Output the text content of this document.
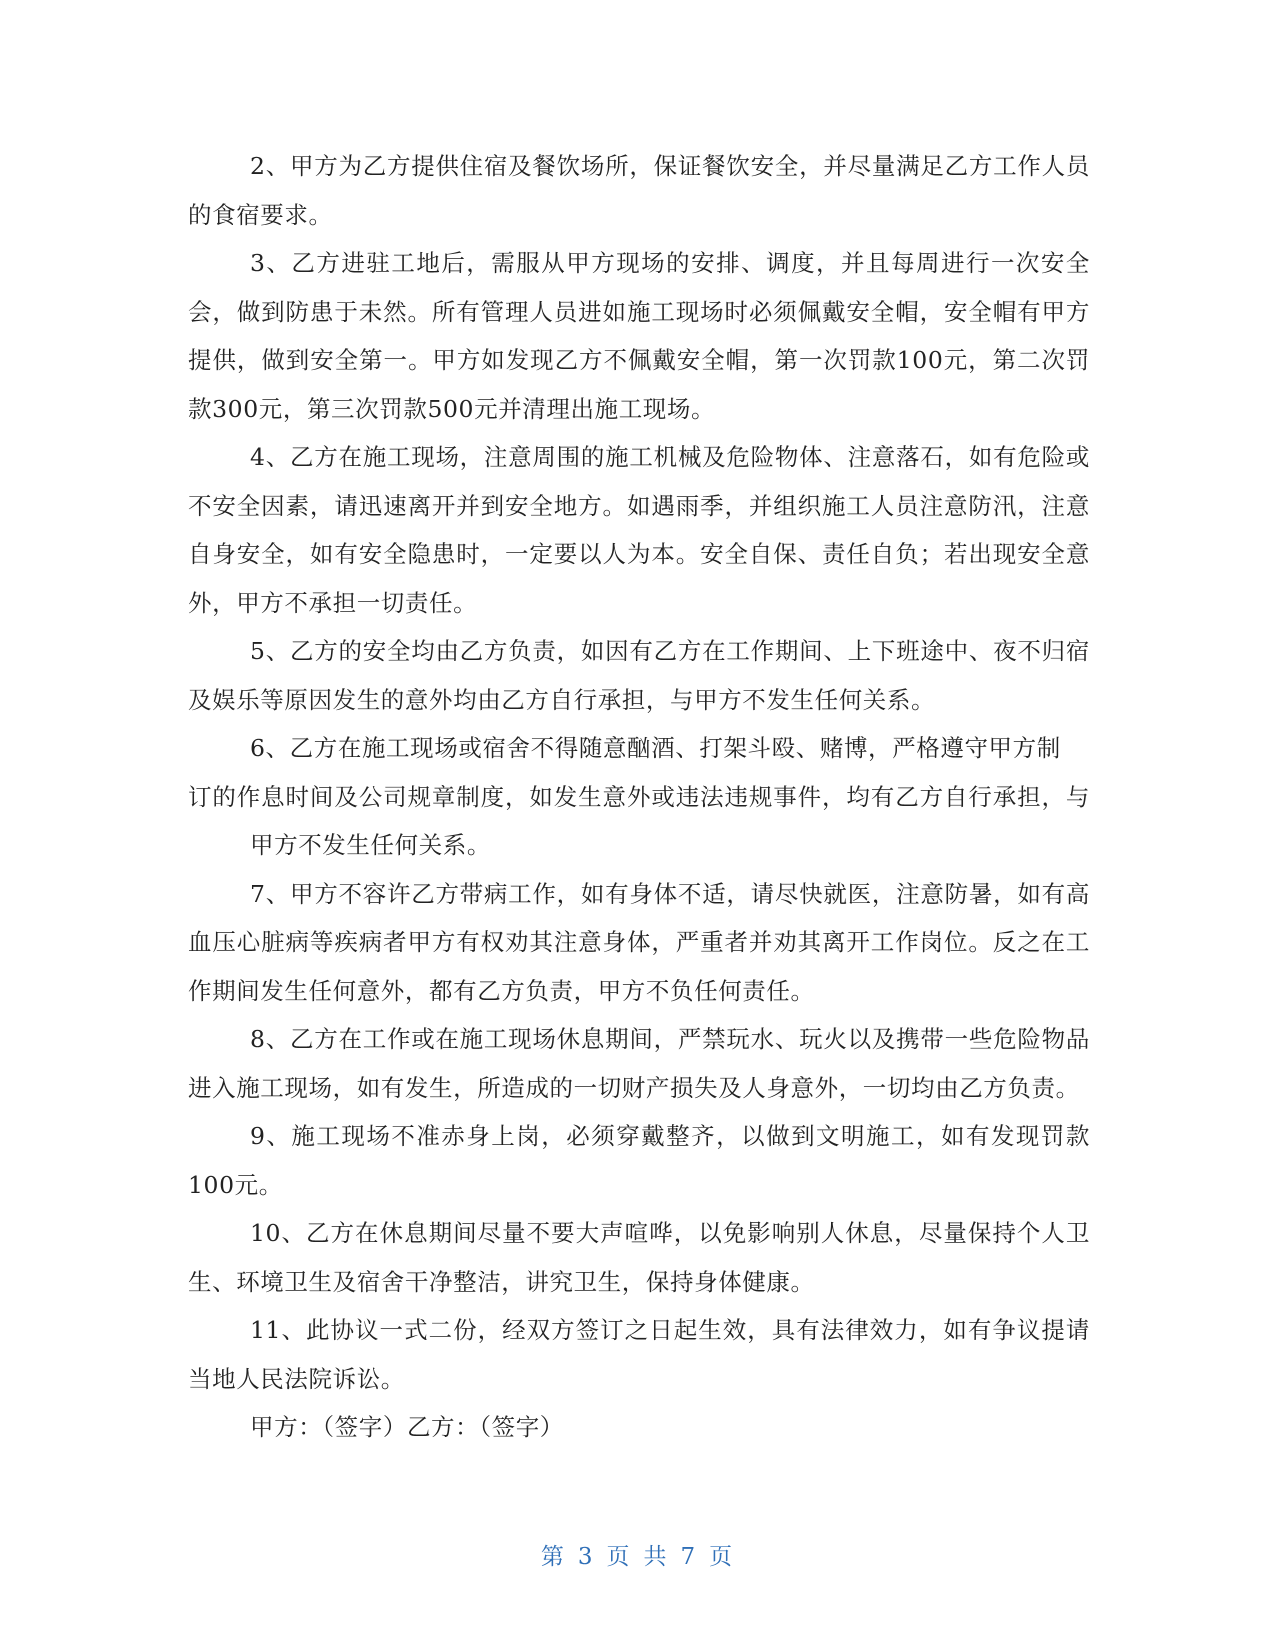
2、甲方为乙方提供住宿及餐饮场所，保证餐饮安全，并尽量满足乙方工作人员的食宿要求。

3、乙方进驻工地后，需服从甲方现场的安排、调度，并且每周进行一次安全会，做到防患于未然。所有管理人员进如施工现场时必须佩戴安全帽，安全帽有甲方提供，做到安全第一。甲方如发现乙方不佩戴安全帽，第一次罚款100元，第二次罚款300元，第三次罚款500元并清理出施工现场。

4、乙方在施工现场，注意周围的施工机械及危险物体、注意落石，如有危险或不安全因素，请迅速离开并到安全地方。如遇雨季，并组织施工人员注意防汛，注意自身安全，如有安全隐患时，一定要以人为本。安全自保、责任自负；若出现安全意外，甲方不承担一切责任。

5、乙方的安全均由乙方负责，如因有乙方在工作期间、上下班途中、夜不归宿及娱乐等原因发生的意外均由乙方自行承担，与甲方不发生任何关系。

6、乙方在施工现场或宿舍不得随意酗酒、打架斗殴、赌博，严格遵守甲方制

订的作息时间及公司规章制度，如发生意外或违法违规事件，均有乙方自行承担，与甲方不发生任何关系。

7、甲方不容许乙方带病工作，如有身体不适，请尽快就医，注意防暑，如有高血压心脏病等疾病者甲方有权劝其注意身体，严重者并劝其离开工作岗位。反之在工作期间发生任何意外，都有乙方负责，甲方不负任何责任。

8、乙方在工作或在施工现场休息期间，严禁玩水、玩火以及携带一些危险物品进入施工现场，如有发生，所造成的一切财产损失及人身意外，一切均由乙方负责。

9、施工现场不准赤身上岗，必须穿戴整齐，以做到文明施工，如有发现罚款100元。

10、乙方在休息期间尽量不要大声喧哗，以免影响别人休息，尽量保持个人卫生、环境卫生及宿舍干净整洁，讲究卫生，保持身体健康。

11、此协议一式二份，经双方签订之日起生效，具有法律效力，如有争议提请当地人民法院诉讼。

甲方：（签字）乙方：（签字）

第 3 页 共 7 页
